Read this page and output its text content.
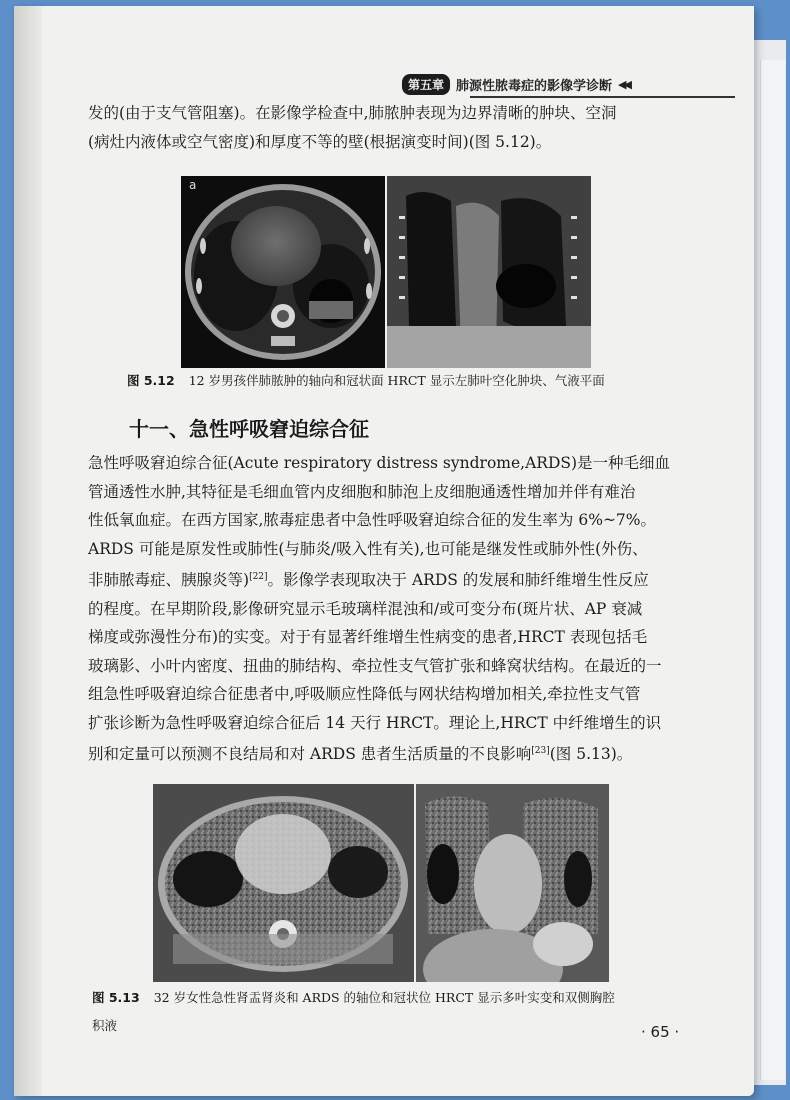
第五章 肺源性脓毒症的影像学诊断 ◀◀
发的(由于支气管阻塞)。在影像学检查中,肺脓肿表现为边界清晰的肿块、空洞
(病灶内液体或空气密度)和厚度不等的壁(根据演变时间)(图 5.12)。
a
图 5.12 12 岁男孩伴肺脓肿的轴向和冠状面 HRCT 显示左肺叶空化肿块、气液平面
十一、急性呼吸窘迫综合征
急性呼吸窘迫综合征(Acute respiratory distress syndrome,ARDS)是一种毛细血
管通透性水肿,其特征是毛细血管内皮细胞和肺泡上皮细胞通透性增加并伴有难治
性低氧血症。在西方国家,脓毒症患者中急性呼吸窘迫综合征的发生率为 6%~7%。
ARDS 可能是原发性或肺性(与肺炎/吸入性有关),也可能是继发性或肺外性(外伤、
非肺脓毒症、胰腺炎等)[22]。影像学表现取决于 ARDS 的发展和肺纤维增生性反应
的程度。在早期阶段,影像研究显示毛玻璃样混浊和/或可变分布(斑片状、AP 衰减
梯度或弥漫性分布)的实变。对于有显著纤维增生性病变的患者,HRCT 表现包括毛
玻璃影、小叶内密度、扭曲的肺结构、牵拉性支气管扩张和蜂窝状结构。在最近的一
组急性呼吸窘迫综合征患者中,呼吸顺应性降低与网状结构增加相关,牵拉性支气管
扩张诊断为急性呼吸窘迫综合征后 14 天行 HRCT。理论上,HRCT 中纤维增生的识
别和定量可以预测不良结局和对 ARDS 患者生活质量的不良影响[23](图 5.13)。
图 5.13 32 岁女性急性肾盂肾炎和 ARDS 的轴位和冠状位 HRCT 显示多叶实变和双侧胸腔
积液	· 65 ·
